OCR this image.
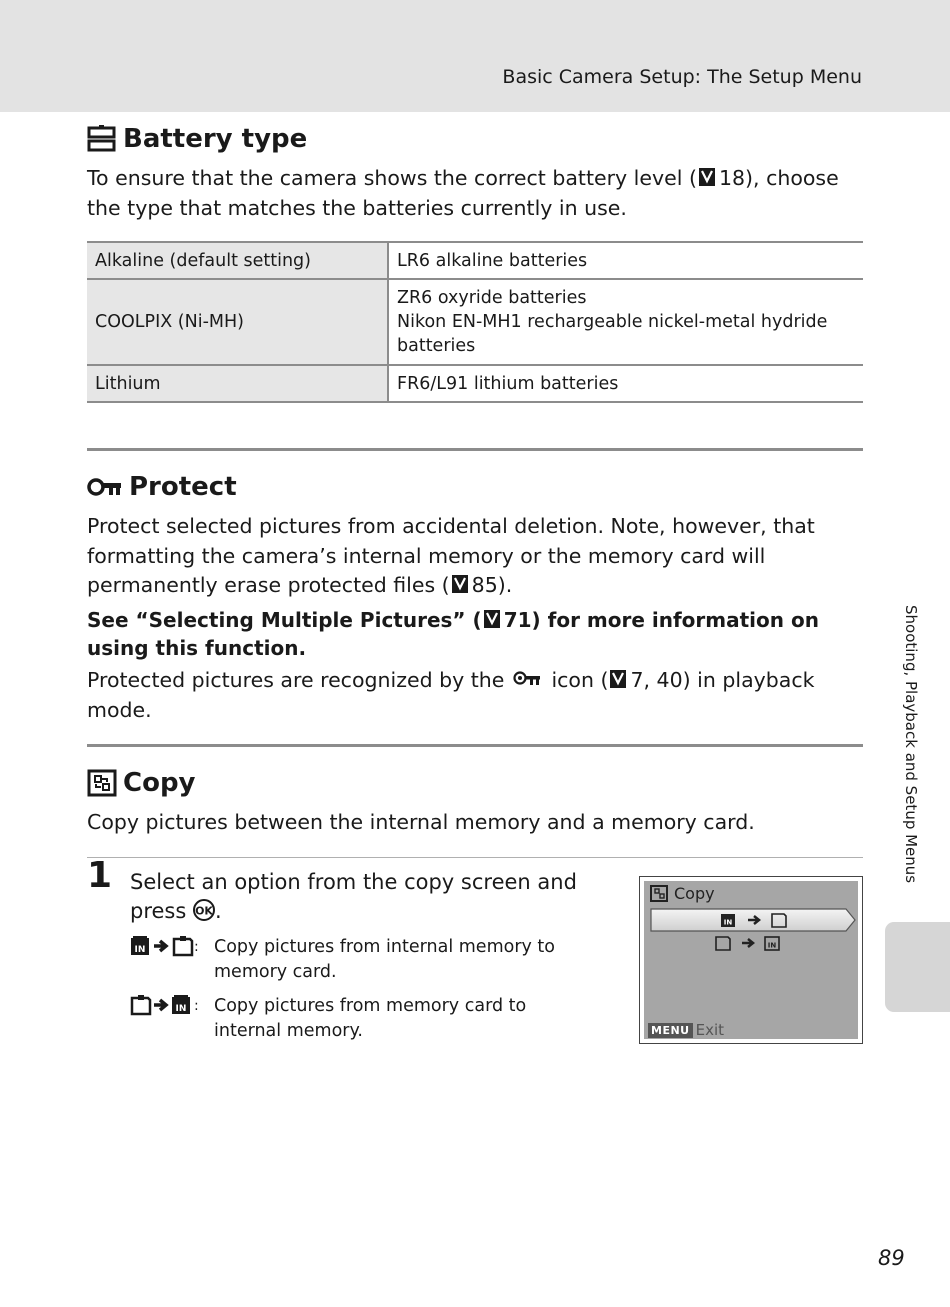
Basic Camera Setup: The Setup Menu
Shooting, Playback and Setup Menus
Battery type
To ensure that the camera shows the correct battery level ( 18), choose the type that matches the batteries currently in use.
Alkaline (default setting)	LR6 alkaline batteries
COOLPIX (Ni-MH)	ZR6 oxyride batteries
Nikon EN-MH1 rechargeable nickel-metal hydride batteries

Lithium	FR6/L91 lithium batteries
Protect
Protect selected pictures from accidental deletion. Note, however, that formatting the camera’s internal memory or the memory card will permanently erase protected files ( 85).
See “Selecting Multiple Pictures” ( 71) for more information on using this function.
Protected pictures are recognized by the icon ( 7, 40) in playback mode.
Copy
Copy pictures between the internal memory and a memory card.
1 Select an option from the copy screen and press OK .
IN	: Copy pictures from internal memory to memory card.
IN : Copy pictures from memory card to internal memory.
Copy
IN
IN
MENU Exit
89
